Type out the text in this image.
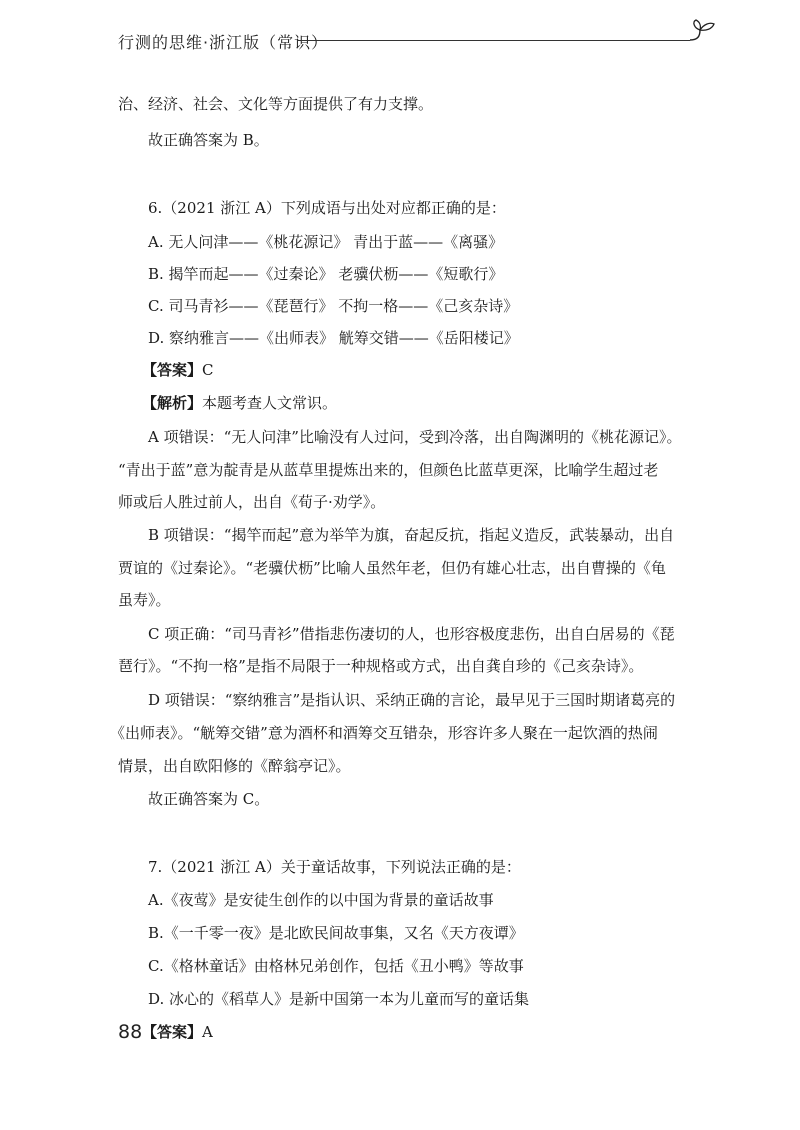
行测的思维·浙江版（常识）
治、经济、社会、文化等方面提供了有力支撑。
故正确答案为 B。
6.（2021 浙江 A）下列成语与出处对应都正确的是：
A. 无人问津——《桃花源记》 青出于蓝——《离骚》
B. 揭竿而起——《过秦论》 老骥伏枥——《短歌行》
C. 司马青衫——《琵琶行》 不拘一格——《己亥杂诗》
D. 察纳雅言——《出师表》 觥筹交错——《岳阳楼记》
【答案】C
【解析】本题考查人文常识。
A 项错误：“无人问津”比喻没有人过问，受到冷落，出自陶渊明的《桃花源记》。
“青出于蓝”意为靛青是从蓝草里提炼出来的，但颜色比蓝草更深，比喻学生超过老
师或后人胜过前人，出自《荀子·劝学》。
B 项错误：“揭竿而起”意为举竿为旗，奋起反抗，指起义造反，武装暴动，出自
贾谊的《过秦论》。“老骥伏枥”比喻人虽然年老，但仍有雄心壮志，出自曹操的《龟
虽寿》。
C 项正确：“司马青衫”借指悲伤凄切的人，也形容极度悲伤，出自白居易的《琵
琶行》。“不拘一格”是指不局限于一种规格或方式，出自龚自珍的《己亥杂诗》。
D 项错误：“察纳雅言”是指认识、采纳正确的言论，最早见于三国时期诸葛亮的
《出师表》。“觥筹交错”意为酒杯和酒筹交互错杂，形容许多人聚在一起饮酒的热闹
情景，出自欧阳修的《醉翁亭记》。
故正确答案为 C。
7.（2021 浙江 A）关于童话故事，下列说法正确的是：
A.《夜莺》是安徒生创作的以中国为背景的童话故事
B.《一千零一夜》是北欧民间故事集，又名《天方夜谭》
C.《格林童话》由格林兄弟创作，包括《丑小鸭》等故事
D. 冰心的《稻草人》是新中国第一本为儿童而写的童话集
【答案】A
88
